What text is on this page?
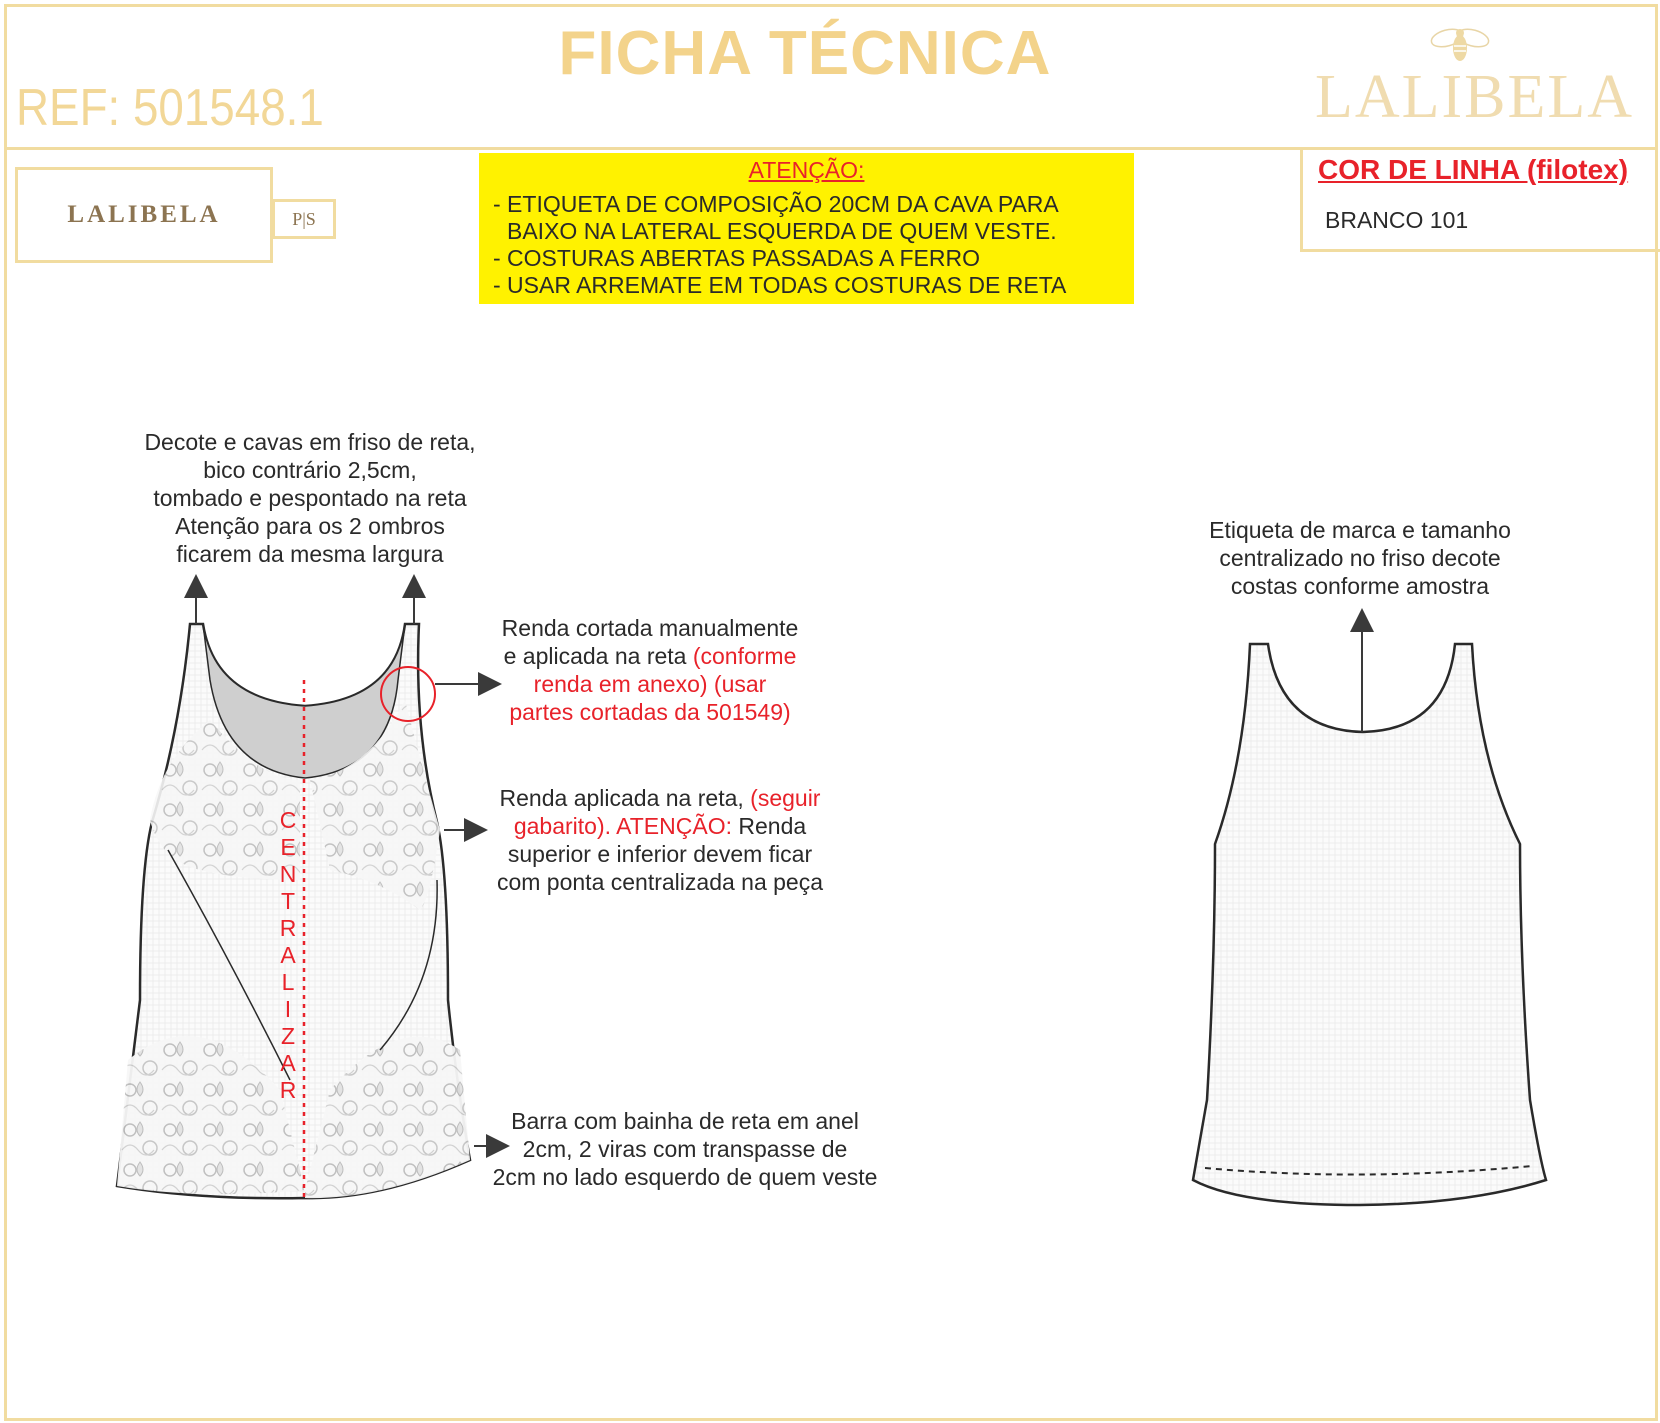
FICHA TÉCNICA
REF: 501548.1	LALIBELA
LALIBELA	P|S
ATENÇÃO:
- ETIQUETA DE COMPOSIÇÃO 20CM DA CAVA PARA
BAIXO NA LATERAL ESQUERDA DE QUEM VESTE.
- COSTURAS ABERTAS PASSADAS A FERRO
- USAR ARREMATE EM TODAS COSTURAS DE RETA
COR DE LINHA (filotex)
BRANCO 101
Decote e cavas em friso de reta,
bico contrário 2,5cm,
tombado e pespontado na reta
Atenção para os 2 ombros
ficarem da mesma largura
Renda cortada manualmente
e aplicada na reta (conforme
renda em anexo) (usar
partes cortadas da 501549)
Renda aplicada na reta, (seguir
gabarito). ATENÇÃO: Renda
superior e inferior devem ficar
com ponta centralizada na peça
Barra com bainha de reta em anel
2cm, 2 viras com transpasse de
2cm no lado esquerdo de quem veste
Etiqueta de marca e tamanho
centralizado no friso decote
costas conforme amostra
C
E
N
T
R
A
L
I
Z
A
R
